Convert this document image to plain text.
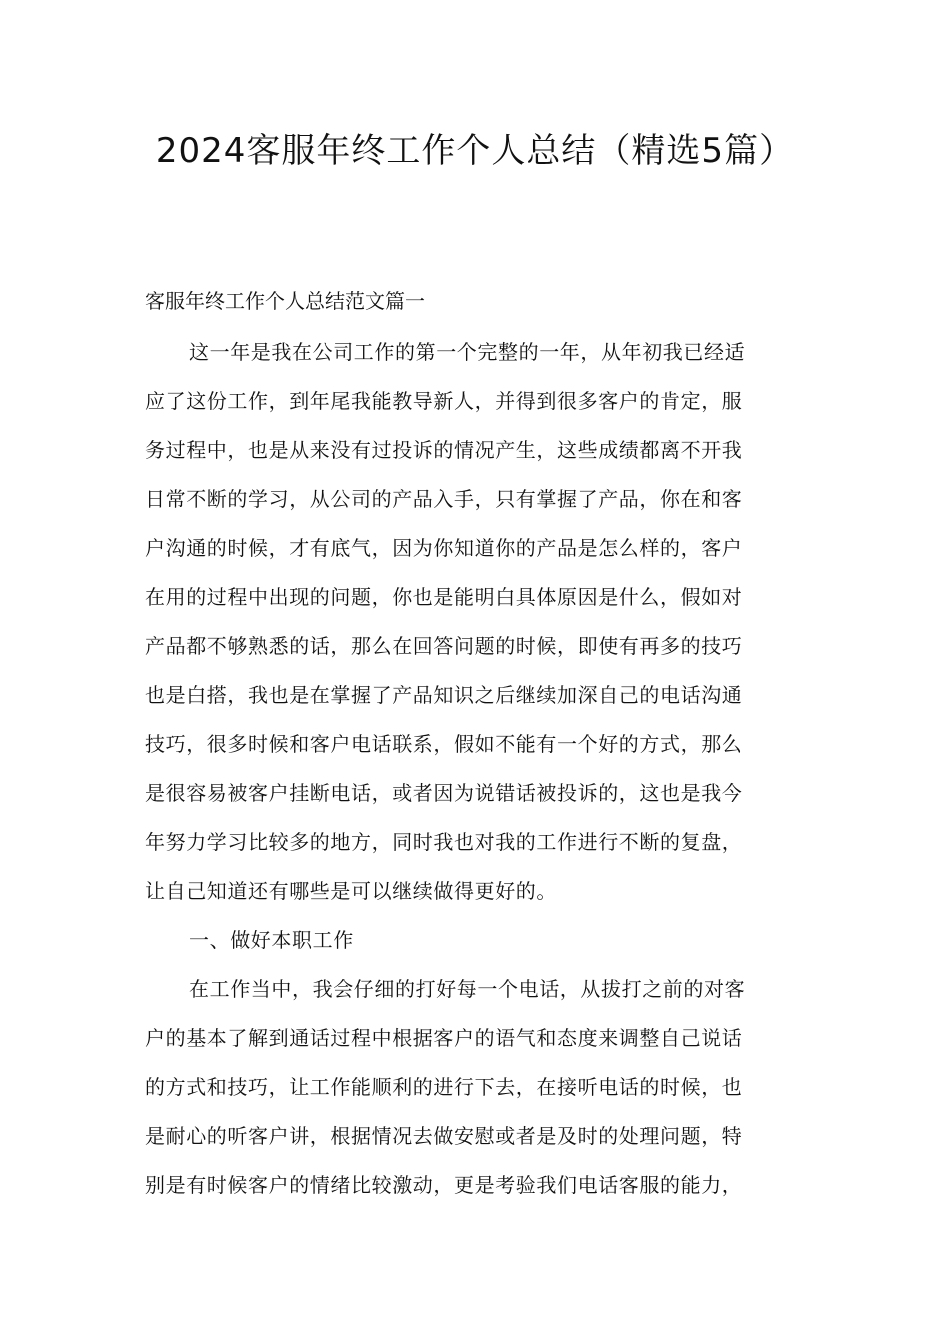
2024客服年终工作个人总结（精选5篇）

客服年终工作个人总结范文篇一

这一年是我在公司工作的第一个完整的一年，从年初我已经适

应了这份工作，到年尾我能教导新人，并得到很多客户的肯定，服

务过程中，也是从来没有过投诉的情况产生，这些成绩都离不开我

日常不断的学习，从公司的产品入手，只有掌握了产品，你在和客

户沟通的时候，才有底气，因为你知道你的产品是怎么样的，客户

在用的过程中出现的问题，你也是能明白具体原因是什么，假如对

产品都不够熟悉的话，那么在回答问题的时候，即使有再多的技巧

也是白搭，我也是在掌握了产品知识之后继续加深自己的电话沟通

技巧，很多时候和客户电话联系，假如不能有一个好的方式，那么

是很容易被客户挂断电话，或者因为说错话被投诉的，这也是我今

年努力学习比较多的地方，同时我也对我的工作进行不断的复盘，

让自己知道还有哪些是可以继续做得更好的。

一、做好本职工作

在工作当中，我会仔细的打好每一个电话，从拔打之前的对客

户的基本了解到通话过程中根据客户的语气和态度来调整自己说话

的方式和技巧，让工作能顺利的进行下去，在接听电话的时候，也

是耐心的听客户讲，根据情况去做安慰或者是及时的处理问题，特

别是有时候客户的情绪比较激动，更是考验我们电话客服的能力，
